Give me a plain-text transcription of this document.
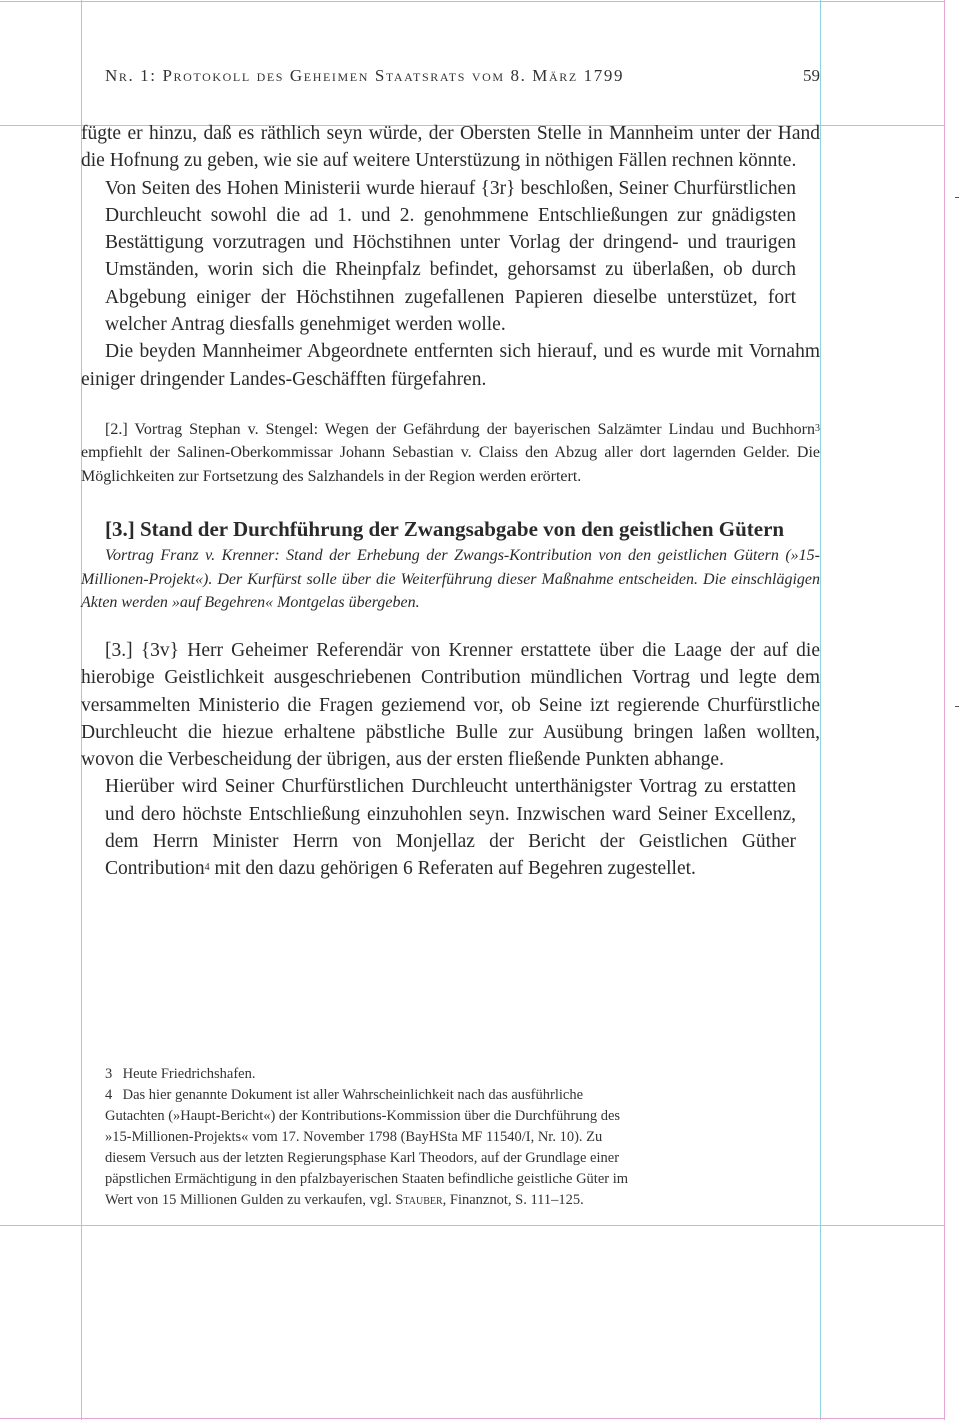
Nr. 1: Protokoll des Geheimen Staatsrats vom 8. März 1799	59

fügte er hinzu, daß es räthlich seyn würde, der Obersten Stelle in Mannheim unter der Hand die Hofnung zu geben, wie sie auf weitere Unterstüzung in nöthigen Fällen rechnen könnte.

Von Seiten des Hohen Ministerii wurde hierauf {3r} beschloßen, Seiner Churfürstlichen Durchleucht sowohl die ad 1. und 2. genohmmene Entschließungen zur gnädigsten Bestättigung vorzutragen und Höchstihnen unter Vorlag der dringend- und traurigen Umständen, worin sich die Rheinpfalz befindet, gehorsamst zu überlaßen, ob durch Abgebung einiger der Höchstihnen zugefallenen Papieren dieselbe unterstüzet, fort welcher Antrag diesfalls genehmiget werden wolle.

Die beyden Mannheimer Abgeordnete entfernten sich hierauf, und es wurde mit Vornahm einiger dringender Landes-Geschäfften fürgefahren.

[2.] Vortrag Stephan v. Stengel: Wegen der Gefährdung der bayerischen Salzämter Lindau und Buchhorn$^3$ empfiehlt der Salinen-Oberkommissar Johann Sebastian v. Claiss den Abzug aller dort lagernden Gelder. Die Möglichkeiten zur Fortsetzung des Salzhandels in der Region werden erörtert.

[3.] Stand der Durchführung der Zwangsabgabe von den geistlichen Gütern

Vortrag Franz v. Krenner: Stand der Erhebung der Zwangs-Kontribution von den geistlichen Gütern (»15-Millionen-Projekt«). Der Kurfürst solle über die Weiterführung dieser Maßnahme entscheiden. Die einschlägigen Akten werden »auf Begehren« Montgelas übergeben.

[3.] {3v} Herr Geheimer Referendär von Krenner erstattete über die Laage der auf die hierobige Geistlichkeit ausgeschriebenen Contribution mündlichen Vortrag und legte dem versammelten Ministerio die Fragen geziemend vor, ob Seine izt regierende Churfürstliche Durchleucht die hiezue erhaltene päbstliche Bulle zur Ausübung bringen laßen wollten, wovon die Verbescheidung der übrigen, aus der ersten fließende Punkten abhange.

Hierüber wird Seiner Churfürstlichen Durchleucht unterthänigster Vortrag zu erstatten und dero höchste Entschließung einzuhohlen seyn. Inzwischen ward Seiner Excellenz, dem Herrn Minister Herrn von Monjellaz der Bericht der Geistlichen Güther Contribution$^4$ mit den dazu gehörigen 6 Referaten auf Begehren zugestellet.

3 Heute Friedrichshafen.

4 Das hier genannte Dokument ist aller Wahrscheinlichkeit nach das ausführliche Gutachten (»Haupt-Bericht«) der Kontributions-Kommission über die Durchführung des »15-Millionen-Projekts« vom 17. November 1798 (BayHSta MF 11540/I, Nr. 10). Zu diesem Versuch aus der letzten Regierungsphase Karl Theodors, auf der Grundlage einer päpstlichen Ermächtigung in den pfalzbayerischen Staaten befindliche geistliche Güter im Wert von 15 Millionen Gulden zu verkaufen, vgl. Stauber, Finanznot, S. 111–125.
